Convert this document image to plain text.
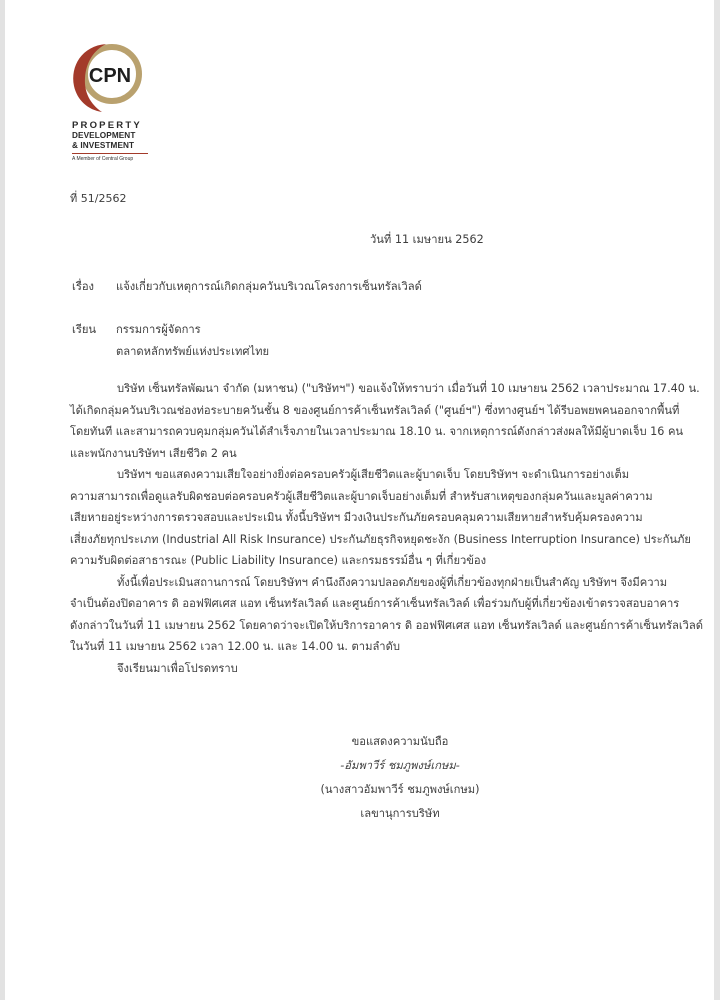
CPN
PROPERTY
DEVELOPMENT
& INVESTMENT
A Member of Central Group
ที่ 51/2562
วันที่ 11 เมษายน 2562
เรื่อง แจ้งเกี่ยวกับเหตุการณ์เกิดกลุ่มควันบริเวณโครงการเซ็นทรัลเวิลด์
เรียน กรรมการผู้จัดการ
ตลาดหลักทรัพย์แห่งประเทศไทย
บริษัท เซ็นทรัลพัฒนา จำกัด (มหาชน) ("บริษัทฯ") ขอแจ้งให้ทราบว่า เมื่อวันที่ 10 เมษายน 2562 เวลาประมาณ 17.40 น.
ได้เกิดกลุ่มควันบริเวณช่องท่อระบายควันชั้น 8 ของศูนย์การค้าเซ็นทรัลเวิลด์ ("ศูนย์ฯ") ซึ่งทางศูนย์ฯ ได้รีบอพยพคนออกจากพื้นที่
โดยทันที และสามารถควบคุมกลุ่มควันได้สำเร็จภายในเวลาประมาณ 18.10 น. จากเหตุการณ์ดังกล่าวส่งผลให้มีผู้บาดเจ็บ 16 คน
และพนักงานบริษัทฯ เสียชีวิต 2 คน
บริษัทฯ ขอแสดงความเสียใจอย่างยิ่งต่อครอบครัวผู้เสียชีวิตและผู้บาดเจ็บ โดยบริษัทฯ จะดำเนินการอย่างเต็ม
ความสามารถเพื่อดูแลรับผิดชอบต่อครอบครัวผู้เสียชีวิตและผู้บาดเจ็บอย่างเต็มที่ สำหรับสาเหตุของกลุ่มควันและมูลค่าความ
เสียหายอยู่ระหว่างการตรวจสอบและประเมิน ทั้งนี้บริษัทฯ มีวงเงินประกันภัยครอบคลุมความเสียหายสำหรับคุ้มครองความ
เสี่ยงภัยทุกประเภท (Industrial All Risk Insurance) ประกันภัยธุรกิจหยุดชะงัก (Business Interruption Insurance) ประกันภัย
ความรับผิดต่อสาธารณะ (Public Liability Insurance) และกรมธรรม์อื่น ๆ ที่เกี่ยวข้อง
ทั้งนี้เพื่อประเมินสถานการณ์ โดยบริษัทฯ คำนึงถึงความปลอดภัยของผู้ที่เกี่ยวข้องทุกฝ่ายเป็นสำคัญ บริษัทฯ จึงมีความ
จำเป็นต้องปิดอาคาร ดิ ออฟฟิศเศส แอท เซ็นทรัลเวิลด์ และศูนย์การค้าเซ็นทรัลเวิลด์ เพื่อร่วมกับผู้ที่เกี่ยวข้องเข้าตรวจสอบอาคาร
ดังกล่าวในวันที่ 11 เมษายน 2562 โดยคาดว่าจะเปิดให้บริการอาคาร ดิ ออฟฟิศเศส แอท เซ็นทรัลเวิลด์ และศูนย์การค้าเซ็นทรัลเวิลด์
ในวันที่ 11 เมษายน 2562 เวลา 12.00 น. และ 14.00 น. ตามลำดับ
จึงเรียนมาเพื่อโปรดทราบ
ขอแสดงความนับถือ
-อัมพาวีร์ ชมภูพงษ์เกษม-
(นางสาวอัมพาวีร์ ชมภูพงษ์เกษม)
เลขานุการบริษัท
